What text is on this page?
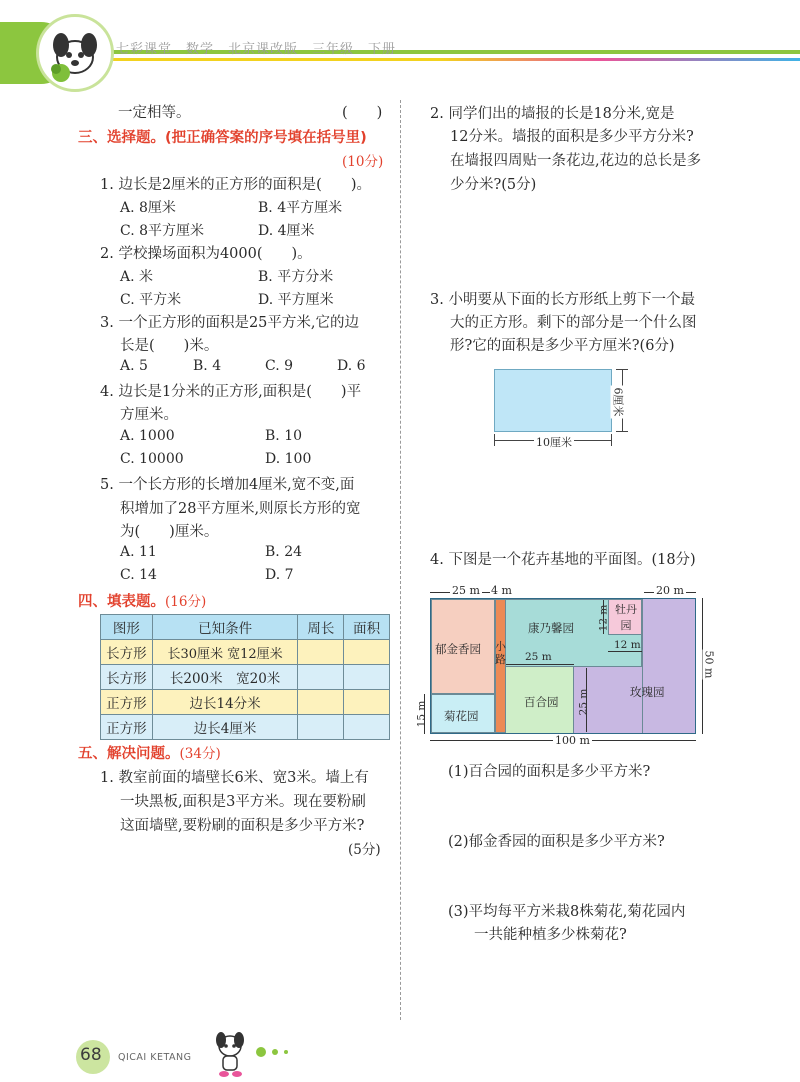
七彩课堂　数学　北京课改版　三年级　下册
一定相等。	(　　)
三、选择题。(把正确答案的序号填在括号里)
(10分)
1. 边长是2厘米的正方形的面积是(　　)。
A. 8厘米	B. 4平方厘米
C. 8平方厘米	D. 4厘米
2. 学校操场面积为4000(　　)。
A. 米	B. 平方分米
C. 平方米	D. 平方厘米
3. 一个正方形的面积是25平方米,它的边
长是(　　)米。
A. 5	B. 4	C. 9	D. 6
4. 边长是1分米的正方形,面积是(　　)平
方厘米。
A. 1000	B. 10
C. 10000	D. 100
5. 一个长方形的长增加4厘米,宽不变,面
积增加了28平方厘米,则原长方形的宽
为(　　)厘米。
A. 11	B. 24
C. 14	D. 7
四、填表题。(16分)
图形	已知条件	周长	面积
长方形	长30厘米 宽12厘米		
长方形	长200米　宽20米		
正方形	边长14分米		
正方形	边长4厘米		
五、解决问题。(34分)
1. 教室前面的墙壁长6米、宽3米。墙上有
一块黑板,面积是3平方米。现在要粉刷
这面墙壁,要粉刷的面积是多少平方米?
(5分)
2. 同学们出的墙报的长是18分米,宽是
12分米。墙报的面积是多少平方分米?
在墙报四周贴一条花边,花边的总长是多
少分米?(5分)
3. 小明要从下面的长方形纸上剪下一个最
大的正方形。剩下的部分是一个什么图
形?它的面积是多少平方厘米?(6分)
10厘米
6厘米
4. 下图是一个花卉基地的平面图。(18分)
25 m 4 m	20 m
郁金香园
菊花园
小路
康乃馨园
牡丹园
玫瑰园
百合园
12 m
12 m
25 m
25 m
50 m
15 m
100 m
(1)百合园的面积是多少平方米?
(2)郁金香园的面积是多少平方米?
(3)平均每平方米栽8株菊花,菊花园内
一共能种植多少株菊花?
68 QICAI KETANG
